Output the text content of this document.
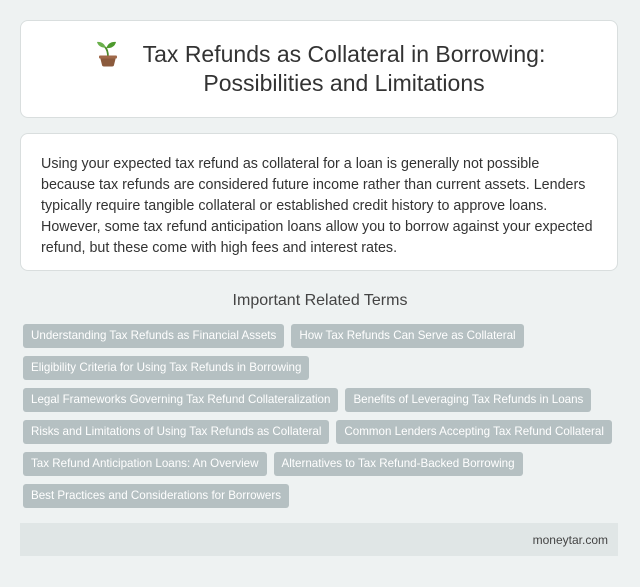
Tax Refunds as Collateral in Borrowing:
Possibilities and Limitations

Using your expected tax refund as collateral for a loan is generally not possible because tax refunds are considered future income rather than current assets. Lenders typically require tangible collateral or established credit history to approve loans. However, some tax refund anticipation loans allow you to borrow against your expected refund, but these come with high fees and interest rates.

Important Related Terms
Understanding Tax Refunds as Financial Assets	How Tax Refunds Can Serve as Collateral
Eligibility Criteria for Using Tax Refunds in Borrowing
Legal Frameworks Governing Tax Refund Collateralization	Benefits of Leveraging Tax Refunds in Loans
Risks and Limitations of Using Tax Refunds as Collateral	Common Lenders Accepting Tax Refund Collateral
Tax Refund Anticipation Loans: An Overview	Alternatives to Tax Refund-Backed Borrowing
Best Practices and Considerations for Borrowers
moneytar.com
